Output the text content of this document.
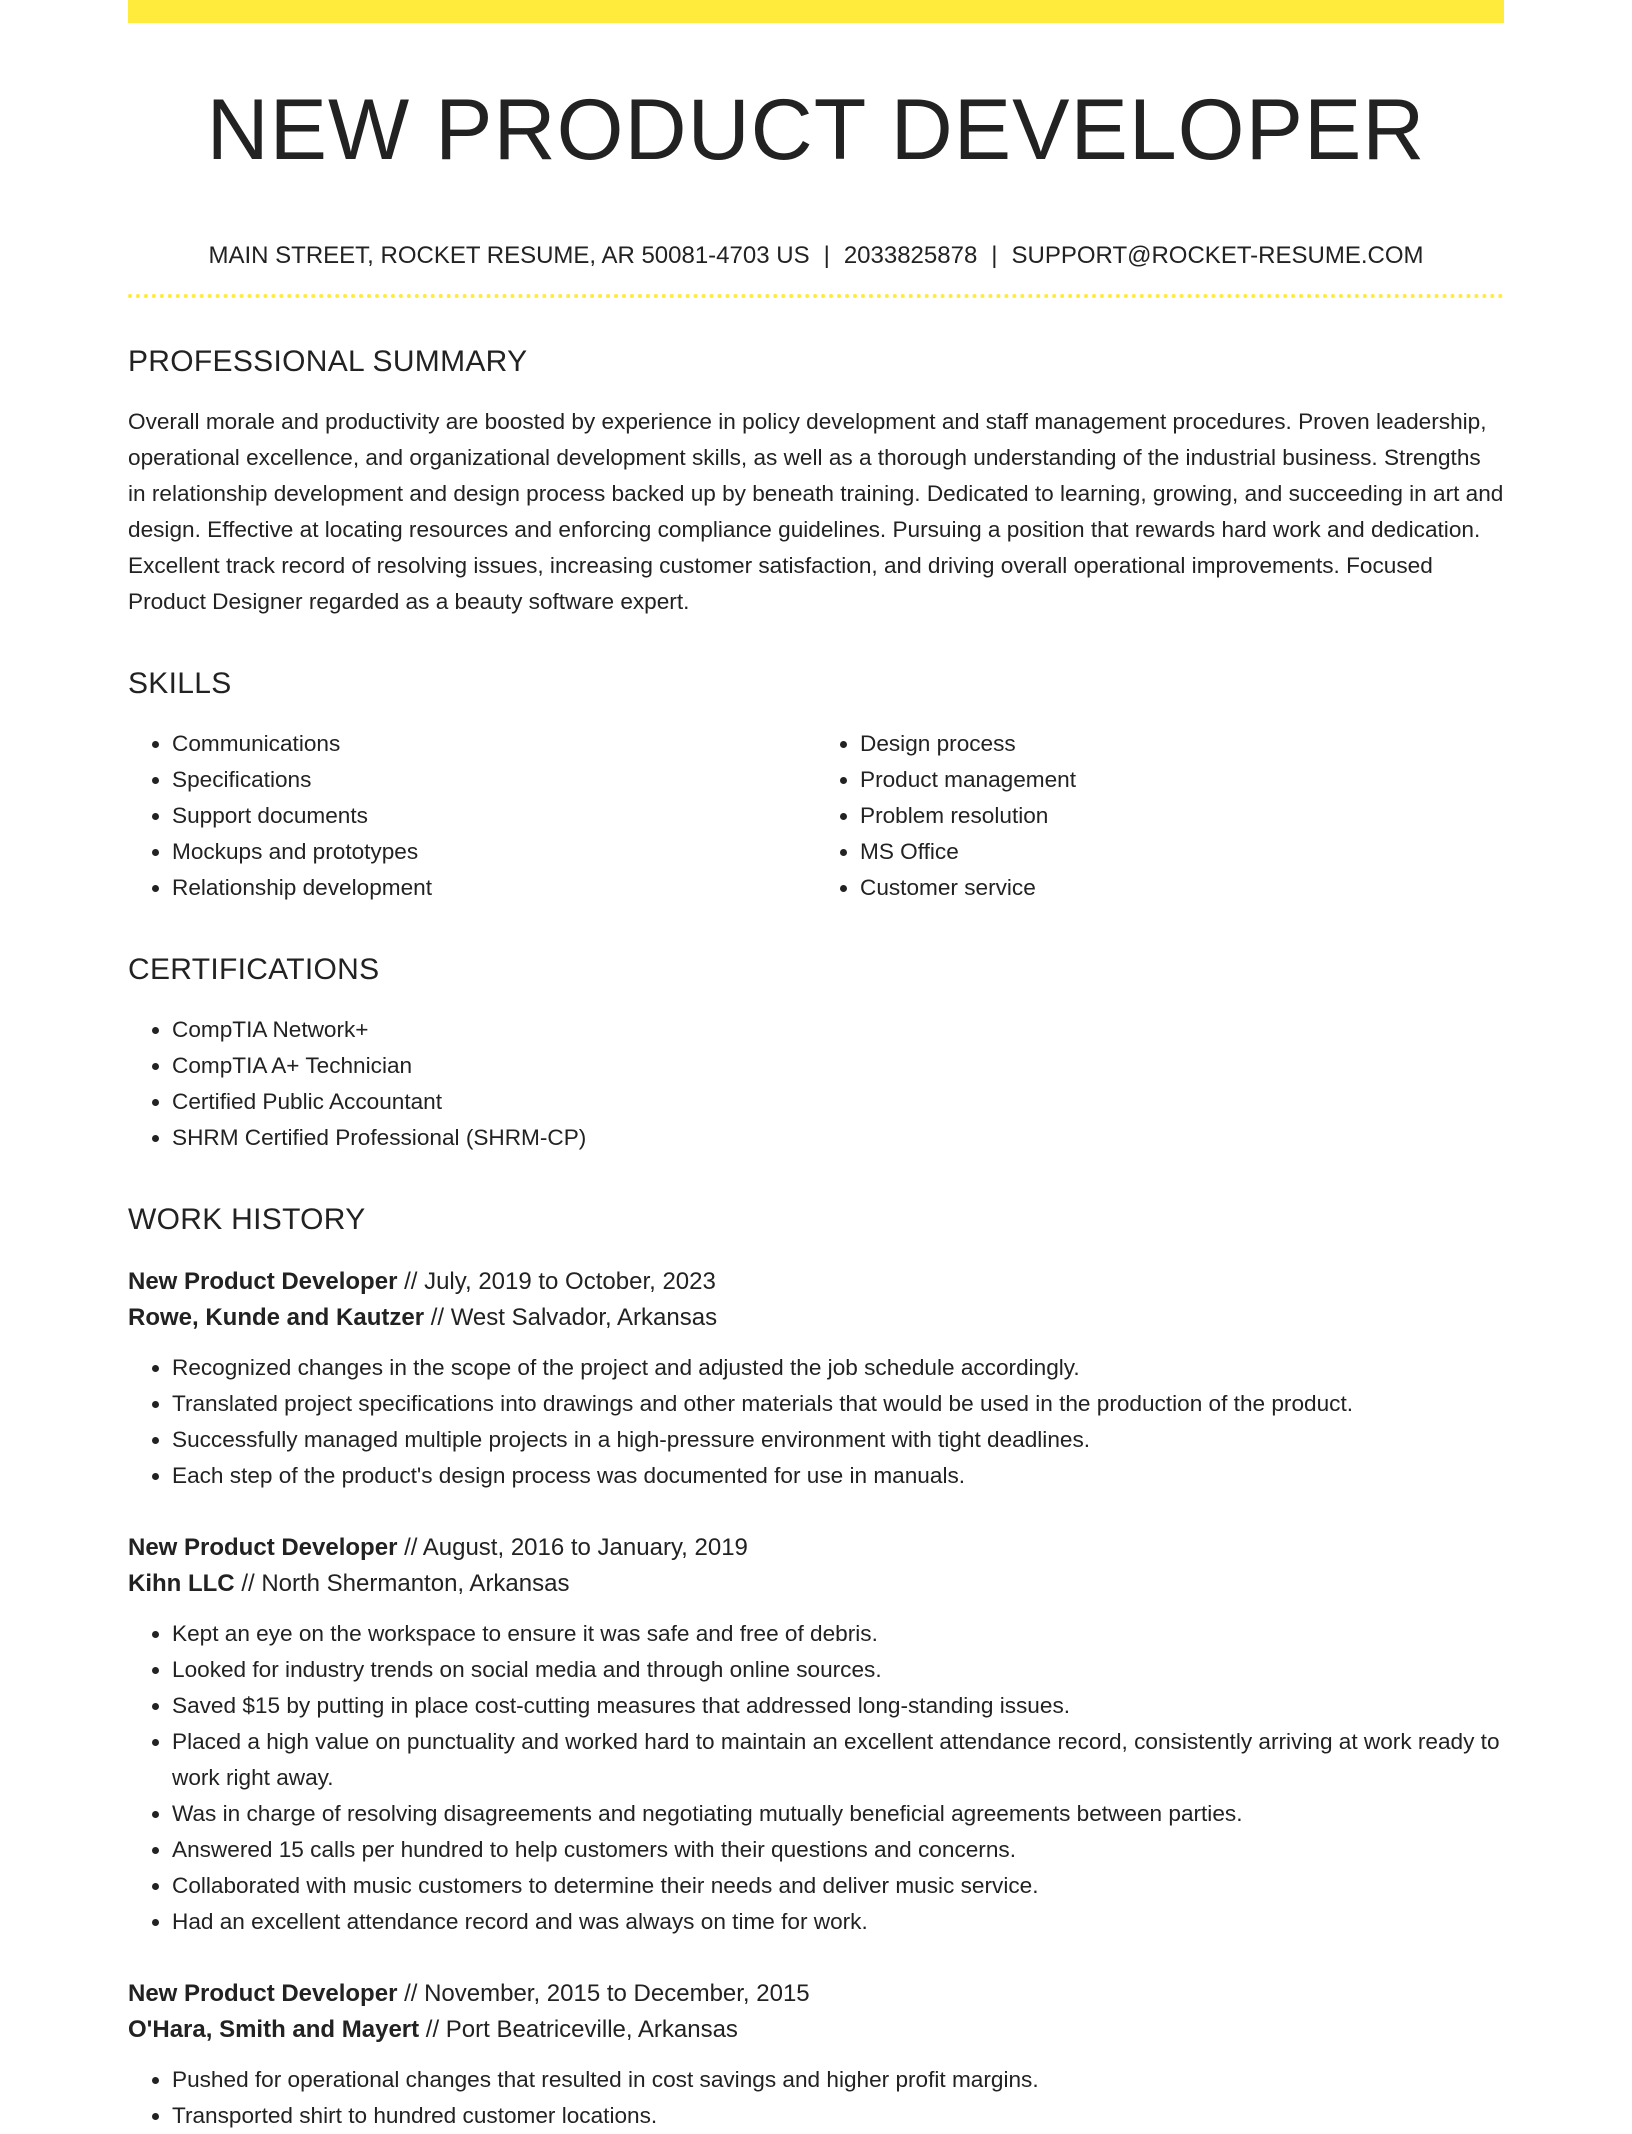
NEW PRODUCT DEVELOPER
MAIN STREET, ROCKET RESUME, AR 50081-4703 US | 2033825878 | SUPPORT@ROCKET-RESUME.COM
PROFESSIONAL SUMMARY

Overall morale and productivity are boosted by experience in policy development and staff management procedures. Proven leadership, operational excellence, and organizational development skills, as well as a thorough understanding of the industrial business. Strengths in relationship development and design process backed up by beneath training. Dedicated to learning, growing, and succeeding in art and design. Effective at locating resources and enforcing compliance guidelines. Pursuing a position that rewards hard work and dedication. Excellent track record of resolving issues, increasing customer satisfaction, and driving overall operational improvements. Focused Product Designer regarded as a beauty software expert.

SKILLS
• Communications
• Specifications
• Support documents
• Mockups and prototypes
• Relationship development
• Design process
• Product management
• Problem resolution
• MS Office
• Customer service
CERTIFICATIONS
• CompTIA Network+
• CompTIA A+ Technician
• Certified Public Accountant
• SHRM Certified Professional (SHRM-CP)
WORK HISTORY

New Product Developer // July, 2019 to October, 2023

Rowe, Kunde and Kautzer // West Salvador, Arkansas

• Recognized changes in the scope of the project and adjusted the job schedule accordingly.
• Translated project specifications into drawings and other materials that would be used in the production of the product.
• Successfully managed multiple projects in a high-pressure environment with tight deadlines.
• Each step of the product's design process was documented for use in manuals.

New Product Developer // August, 2016 to January, 2019

Kihn LLC // North Shermanton, Arkansas

• Kept an eye on the workspace to ensure it was safe and free of debris.
• Looked for industry trends on social media and through online sources.
• Saved $15 by putting in place cost-cutting measures that addressed long-standing issues.
• Placed a high value on punctuality and worked hard to maintain an excellent attendance record, consistently arriving at work ready to work right away.
• Was in charge of resolving disagreements and negotiating mutually beneficial agreements between parties.
• Answered 15 calls per hundred to help customers with their questions and concerns.
• Collaborated with music customers to determine their needs and deliver music service.
• Had an excellent attendance record and was always on time for work.

New Product Developer // November, 2015 to December, 2015

O'Hara, Smith and Mayert // Port Beatriceville, Arkansas

• Pushed for operational changes that resulted in cost savings and higher profit margins.
• Transported shirt to hundred customer locations.
